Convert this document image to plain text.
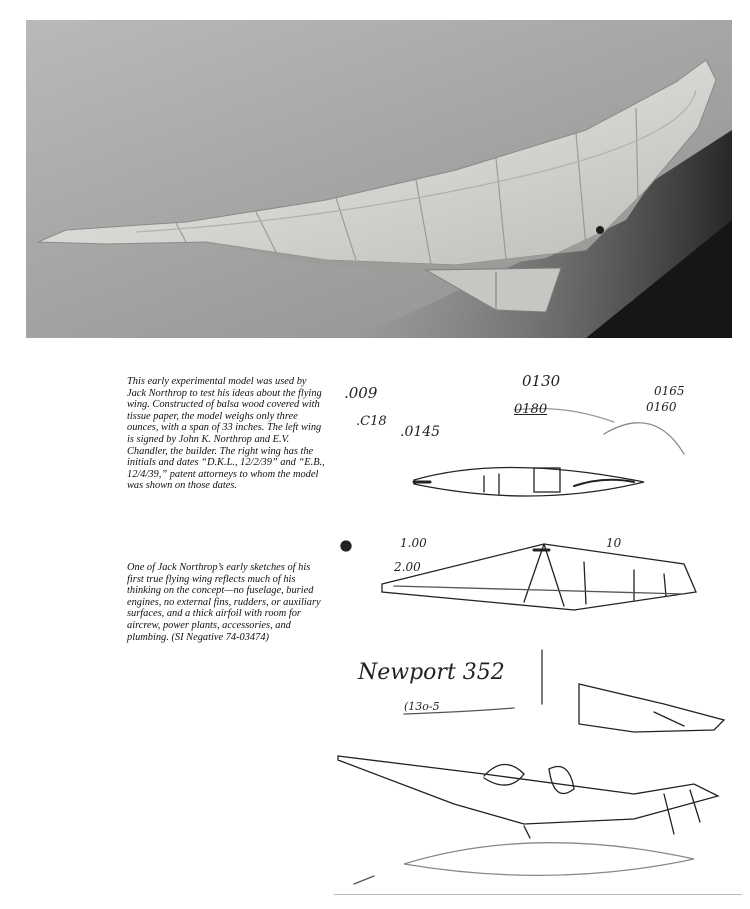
This early experimental model was used by Jack Northrop to test his ideas about the flying wing. Constructed of balsa wood covered with tissue paper, the model weighs only three ounces, with a span of 33 inches. The left wing is signed by John K. Northrop and E.V. Chandler, the builder. The right wing has the initials and dates “D.K.L., 12/2/39” and “E.B., 12/4/39,” patent attorneys to whom the model was shown on those dates.

One of Jack Northrop’s early sketches of his first true flying wing reflects much of his thinking on the concept—no fuselage, buried engines, no external fins, rudders, or auxiliary surfaces, and a thick airfoil with room for aircrew, power plants, accessories, and plumbing. (SI Negative 74-03474)

.009
0130
0180
0165
0160
.C18
.0145
1.00
2.00
10
Newport 352
(13o-5
